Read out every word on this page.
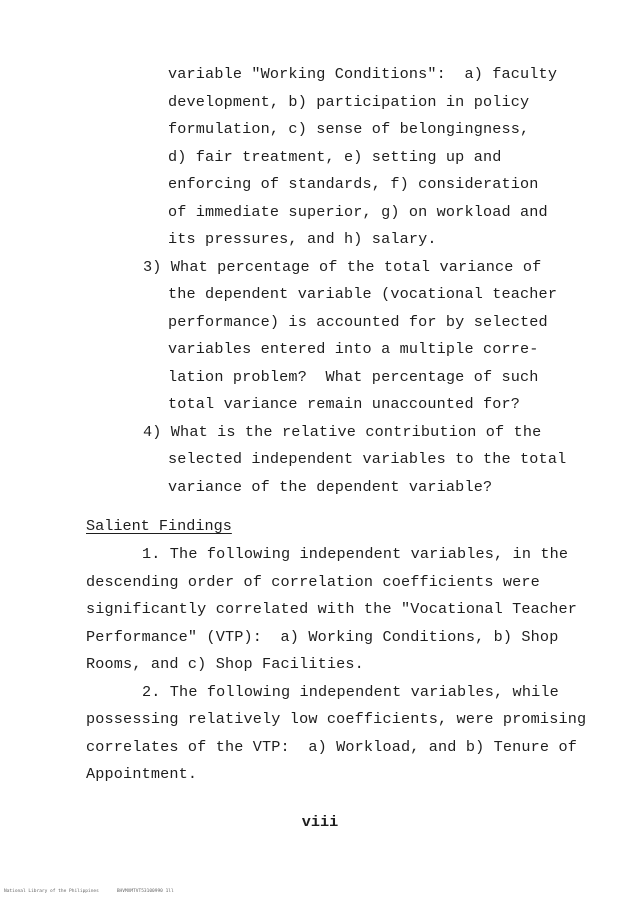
variable "Working Conditions":  a) faculty
development, b) participation in policy
formulation, c) sense of belongingness,
d) fair treatment, e) setting up and
enforcing of standards, f) consideration
of immediate superior, g) on workload and
its pressures, and h) salary.
3) What percentage of the total variance of
the dependent variable (vocational teacher
performance) is accounted for by selected
variables entered into a multiple corre-
lation problem?  What percentage of such
total variance remain unaccounted for?
4) What is the relative contribution of the
selected independent variables to the total
variance of the dependent variable?
Salient Findings
1. The following independent variables, in the
descending order of correlation coefficients were
significantly correlated with the "Vocational Teacher
Performance" (VTP):  a) Working Conditions, b) Shop
Rooms, and c) Shop Facilities.
2. The following independent variables, while
possessing relatively low coefficients, were promising
correlates of the VTP:  a) Workload, and b) Tenure of
Appointment.
viii
National Library of the Philippines	BHVMXMTVT53100990 1ll
